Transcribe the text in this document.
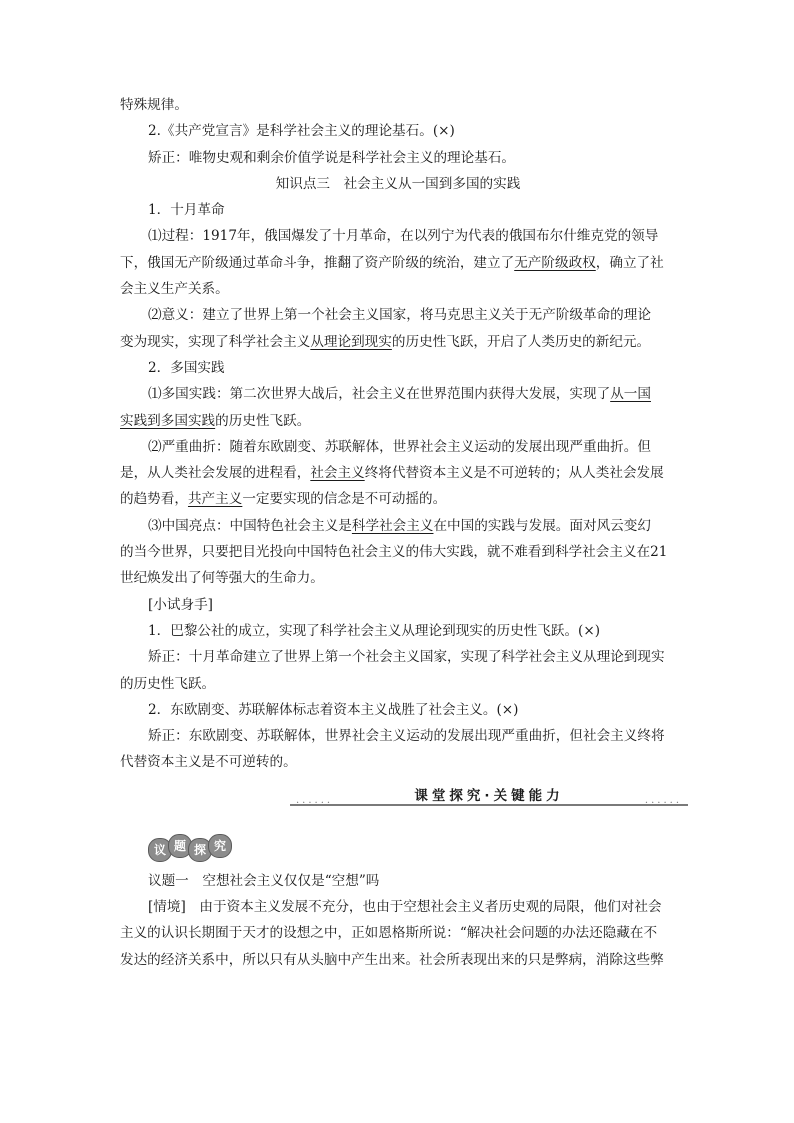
特殊规律。
2.《共产党宣言》是科学社会主义的理论基石。(×)
矫正：唯物史观和剩余价值学说是科学社会主义的理论基石。
知识点三　社会主义从一国到多国的实践
1．十月革命
⑴过程：1917年，俄国爆发了十月革命，在以列宁为代表的俄国布尔什维克党的领导
下，俄国无产阶级通过革命斗争，推翻了资产阶级的统治，建立了无产阶级政权，确立了社
会主义生产关系。
⑵意义：建立了世界上第一个社会主义国家，将马克思主义关于无产阶级革命的理论
变为现实，实现了科学社会主义从理论到现实的历史性飞跃，开启了人类历史的新纪元。
2．多国实践
⑴多国实践：第二次世界大战后，社会主义在世界范围内获得大发展，实现了从一国
实践到多国实践的历史性飞跃。
⑵严重曲折：随着东欧剧变、苏联解体，世界社会主义运动的发展出现严重曲折。但
是，从人类社会发展的进程看，社会主义终将代替资本主义是不可逆转的；从人类社会发展
的趋势看，共产主义一定要实现的信念是不可动摇的。
⑶中国亮点：中国特色社会主义是科学社会主义在中国的实践与发展。面对风云变幻
的当今世界，只要把目光投向中国特色社会主义的伟大实践，就不难看到科学社会主义在21
世纪焕发出了何等强大的生命力。
[小试身手]
1．巴黎公社的成立，实现了科学社会主义从理论到现实的历史性飞跃。(×)
矫正：十月革命建立了世界上第一个社会主义国家，实现了科学社会主义从理论到现实
的历史性飞跃。
2．东欧剧变、苏联解体标志着资本主义战胜了社会主义。(×)
矫正：东欧剧变、苏联解体，世界社会主义运动的发展出现严重曲折，但社会主义终将
代替资本主义是不可逆转的。
......	......
课堂探究·关键能力
议 题 探 究
议题一　空想社会主义仅仅是“空想”吗
[情境]　由于资本主义发展不充分，也由于空想社会主义者历史观的局限，他们对社会
主义的认识长期囿于天才的设想之中，正如恩格斯所说：“解决社会问题的办法还隐藏在不
发达的经济关系中，所以只有从头脑中产生出来。社会所表现出来的只是弊病，消除这些弊
